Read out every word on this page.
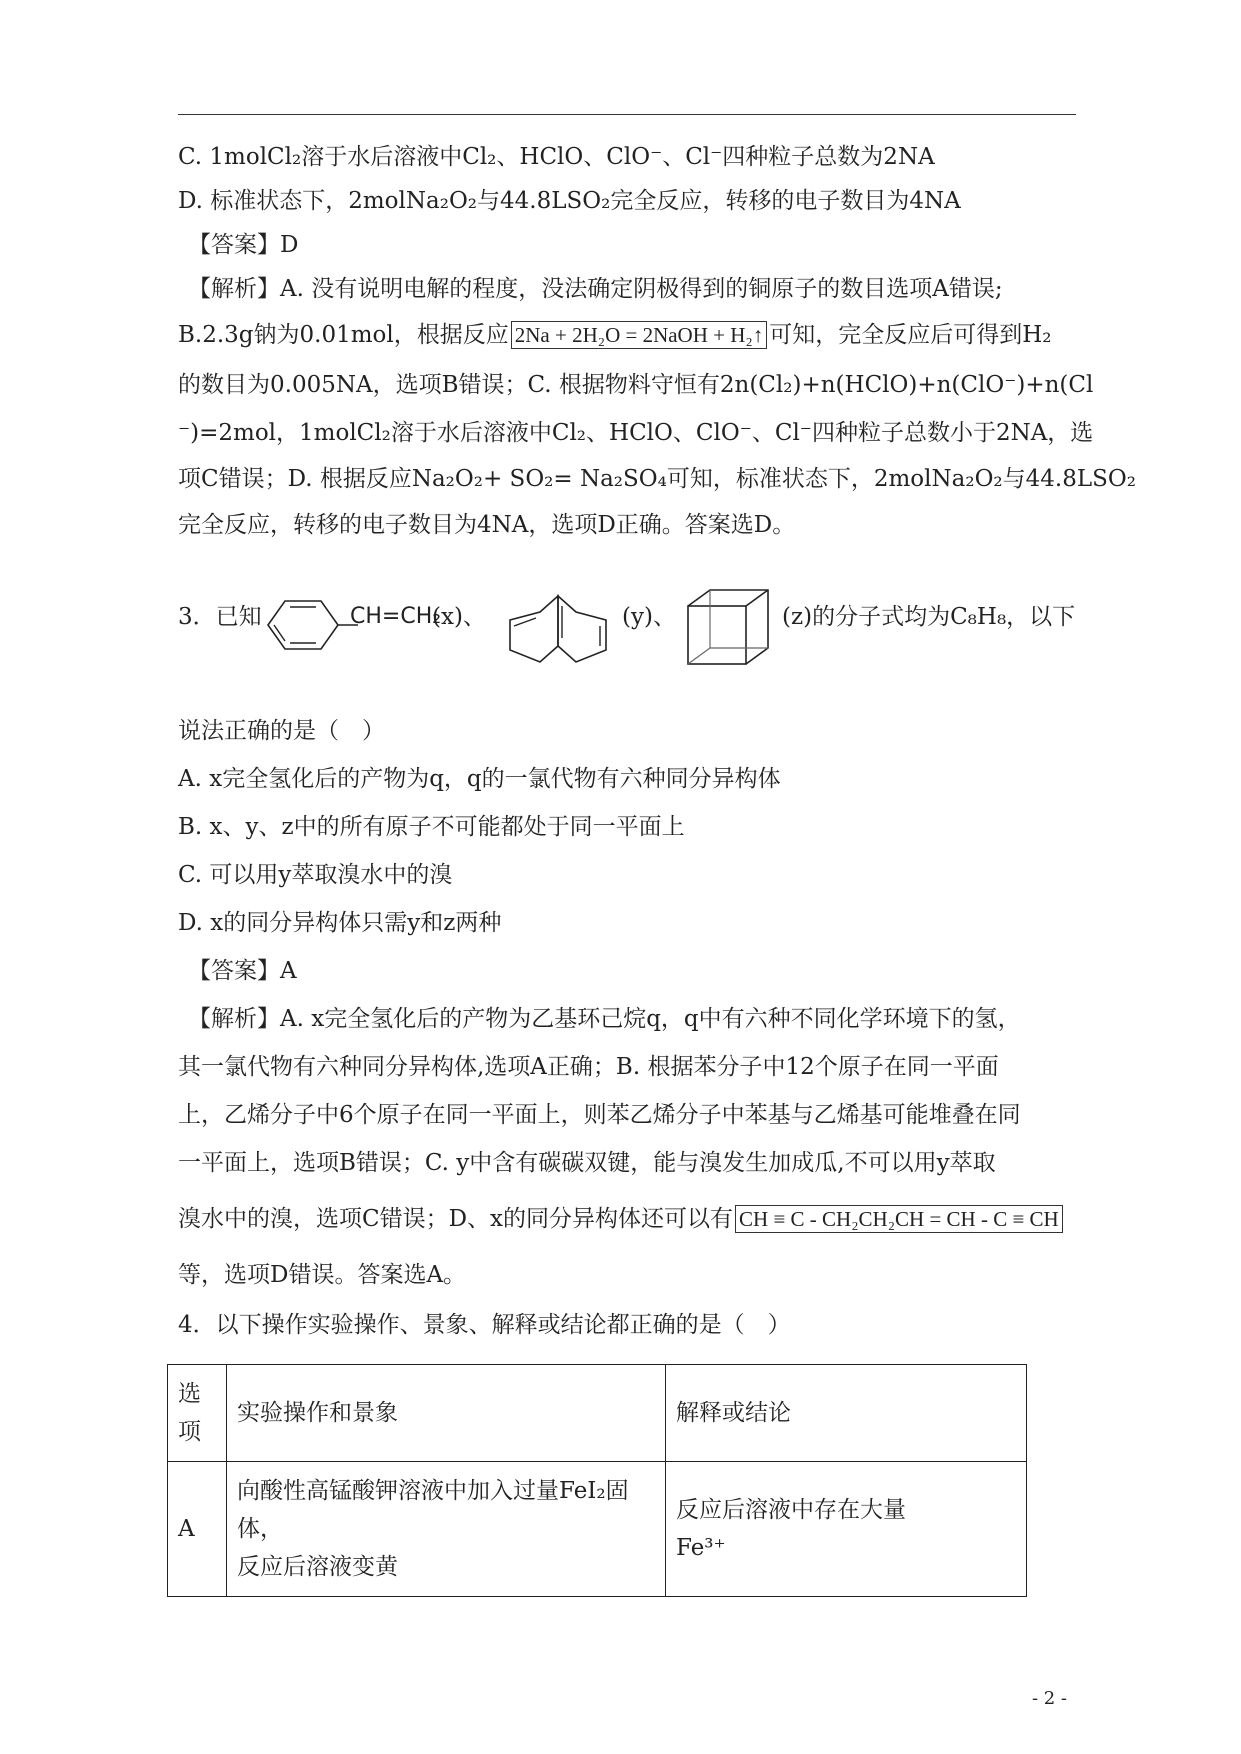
C. 1molCl₂溶于水后溶液中Cl₂、HClO、ClO⁻、Cl⁻四种粒子总数为2NA
D. 标准状态下，2molNa₂O₂与44.8LSO₂完全反应，转移的电子数目为4NA
【答案】D
【解析】A. 没有说明电解的程度，没法确定阴极得到的铜原子的数目选项A错误;
B.2.3g钠为0.01mol，根据反应 2Na + 2H₂O = 2NaOH + H₂↑ 可知，完全反应后可得到H₂
的数目为0.005NA，选项B错误；C. 根据物料守恒有2n(Cl₂)+n(HClO)+n(ClO⁻)+n(Cl
⁻)=2mol，1molCl₂溶于水后溶液中Cl₂、HClO、ClO⁻、Cl⁻四种粒子总数小于2NA，选
项C错误；D. 根据反应Na₂O₂+ SO₂= Na₂SO₄可知，标准状态下，2molNa₂O₂与44.8LSO₂
完全反应，转移的电子数目为4NA，选项D正确。答案选D。
3．已知	CH=CH₂
(x)、	(y)、	(z)的分子式均为C₈H₈，以下
说法正确的是（　）
A. x完全氢化后的产物为q，q的一氯代物有六种同分异构体
B. x、y、z中的所有原子不可能都处于同一平面上
C. 可以用y萃取溴水中的溴
D. x的同分异构体只需y和z两种
【答案】A
【解析】A. x完全氢化后的产物为乙基环己烷q，q中有六种不同化学环境下的氢，
其一氯代物有六种同分异构体,选项A正确；B. 根据苯分子中12个原子在同一平面
上，乙烯分子中6个原子在同一平面上，则苯乙烯分子中苯基与乙烯基可能堆叠在同
一平面上，选项B错误；C. y中含有碳碳双键，能与溴发生加成瓜,不可以用y萃取
溴水中的溴，选项C错误；D、x的同分异构体还可以有 CH ≡ C - CH₂CH₂CH = CH - C ≡ CH
等，选项D错误。答案选A。
4．以下操作实验操作、景象、解释或结论都正确的是（　）
选
项	实验操作和景象	解释或结论
A	向酸性高锰酸钾溶液中加入过量FeI₂固体，
反应后溶液变黄	反应后溶液中存在大量
Fe³⁺
- 2 -
